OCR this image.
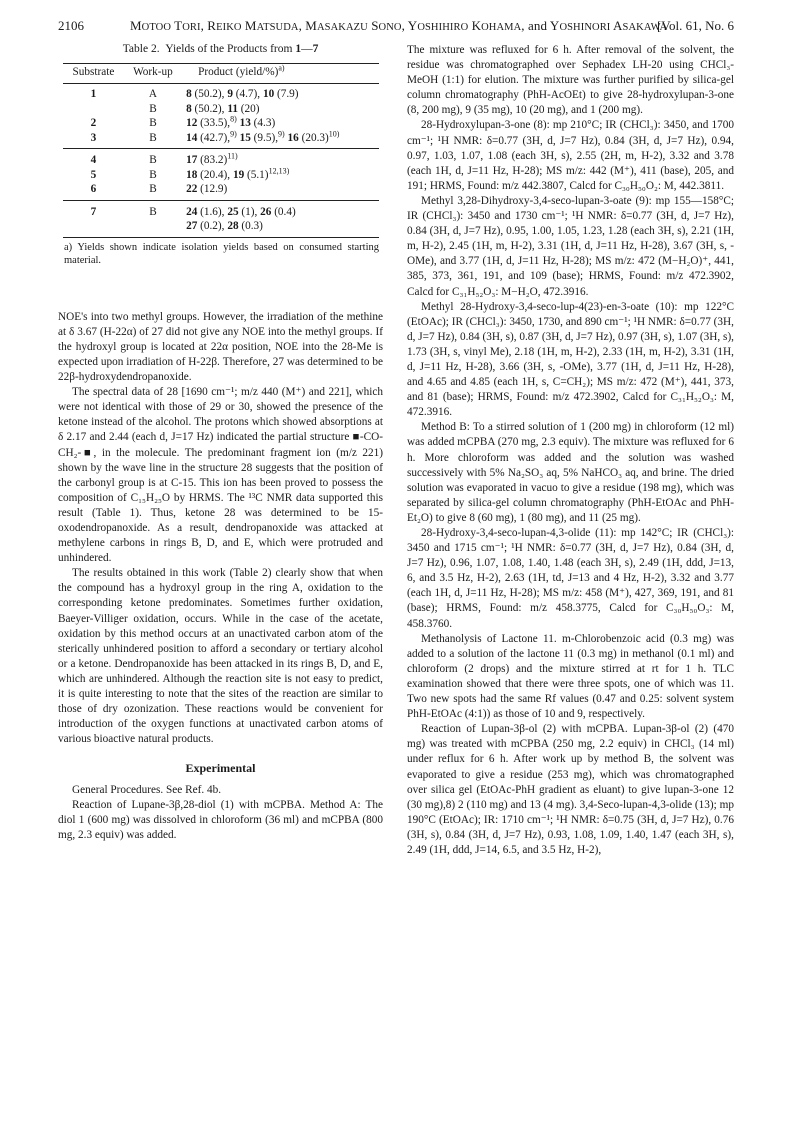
2106	MOTOO TORI, REIKO MATSUDA, MASAKAZU SONO, YOSHIHIRO KOHAMA, and YOSHINORI ASAKAWA
[Vol. 61, No. 6
Table 2.  Yields of the Products from 1—7
Substrate	Work-up	Product (yield/%)$^{a)}$
1	A	8 (50.2), 9 (4.7), 10 (7.9)
	B	8 (50.2), 11 (20)
2	B	12 (33.5),$^{8)}$ 13 (4.3)
3	B	14 (42.7),$^{9)}$ 15 (9.5),$^{9)}$ 16 $(20.3)^{10)}$
4	B	17 $(83.2)^{11)}$
5	B	18 (20.4), 19 $(5.1)^{12,13)}$
6	B	22 (12.9)
7	B	24 (1.6), 25 (1), 26 (0.4)
		27 (0.2), 28 (0.3)
a) Yields shown indicate isolation yields based on consumed starting material.

NOE's into two methyl groups. However, the irradiation of the methine at δ 3.67 (H-22α) of 27 did not give any NOE into the methyl groups. If the hydroxyl group is located at 22α position, NOE into the 28-Me is expected upon irradiation of H-22β. Therefore, 27 was determined to be 22β-hydroxydendropanoxide.

The spectral data of 28 [1690 cm⁻¹; m/z 440 (M⁺) and 221], which were not identical with those of 29 or 30, showed the presence of the ketone instead of the alcohol. The protons which showed absorptions at δ 2.17 and 2.44 (each d, J=17 Hz) indicated the partial structure ■-CO-CH₂-■, in the molecule. The predominant fragment ion (m/z 221) shown by the wave line in the structure 28 suggests that the position of the carbonyl group is at C-15. This ion has been proved to possess the composition of C₁₅H₂₅O by HRMS. The ¹³C NMR data supported this result (Table 1). Thus, ketone 28 was determined to be 15-oxodendropanoxide. As a result, dendropanoxide was attacked at methylene carbons in rings B, D, and E, which were protruded and unhindered.

The results obtained in this work (Table 2) clearly show that when the compound has a hydroxyl group in the ring A, oxidation to the corresponding ketone predominates. Sometimes further oxidation, Baeyer-Villiger oxidation, occurs. While in the case of the acetate, oxidation by this method occurs at an unactivated carbon atom of the sterically unhindered position to afford a secondary or tertiary alcohol or a ketone. Dendropanoxide has been attacked in its rings B, D, and E, which are unhindered. Although the reaction site is not easy to predict, it is quite interesting to note that the sites of the reaction are similar to those of dry ozonization. These reactions would be convenient for introduction of the oxygen functions at unactivated carbon atoms of various bioactive natural products.

Experimental

General Procedures. See Ref. 4b.

Reaction of Lupane-3β,28-diol (1) with mCPBA. Method A: The diol 1 (600 mg) was dissolved in chloroform (36 ml) and mCPBA (800 mg, 2.3 equiv) was added.

The mixture was refluxed for 6 h. After removal of the solvent, the residue was chromatographed over Sephadex LH-20 using CHCl₃-MeOH (1:1) for elution. The mixture was further purified by silica-gel column chromatography (PhH-AcOEt) to give 28-hydroxylupan-3-one (8, 200 mg), 9 (35 mg), 10 (20 mg), and 1 (200 mg).

28-Hydroxylupan-3-one (8): mp 210°C; IR (CHCl₃): 3450, and 1700 cm⁻¹; ¹H NMR: δ=0.77 (3H, d, J=7 Hz), 0.84 (3H, d, J=7 Hz), 0.94, 0.97, 1.03, 1.07, 1.08 (each 3H, s), 2.55 (2H, m, H-2), 3.32 and 3.78 (each 1H, d, J=11 Hz, H-28); MS m/z: 442 (M⁺), 411 (base), 205, and 191; HRMS, Found: m/z 442.3807, Calcd for C₃₀H₅₀O₂: M, 442.3811.

Methyl 3,28-Dihydroxy-3,4-seco-lupan-3-oate (9): mp 155—158°C; IR (CHCl₃): 3450 and 1730 cm⁻¹; ¹H NMR: δ=0.77 (3H, d, J=7 Hz), 0.84 (3H, d, J=7 Hz), 0.95, 1.00, 1.05, 1.23, 1.28 (each 3H, s), 2.21 (1H, m, H-2), 2.45 (1H, m, H-2), 3.31 (1H, d, J=11 Hz, H-28), 3.67 (3H, s, -OMe), and 3.77 (1H, d, J=11 Hz, H-28); MS m/z: 472 (M−H₂O)⁺, 441, 385, 373, 361, 191, and 109 (base); HRMS, Found: m/z 472.3902, Calcd for C₃₁H₅₂O₃: M−H₂O, 472.3916.

Methyl 28-Hydroxy-3,4-seco-lup-4(23)-en-3-oate (10): mp 122°C (EtOAc); IR (CHCl₃): 3450, 1730, and 890 cm⁻¹; ¹H NMR: δ=0.77 (3H, d, J=7 Hz), 0.84 (3H, s), 0.87 (3H, d, J=7 Hz), 0.97 (3H, s), 1.07 (3H, s), 1.73 (3H, s, vinyl Me), 2.18 (1H, m, H-2), 2.33 (1H, m, H-2), 3.31 (1H, d, J=11 Hz, H-28), 3.66 (3H, s, -OMe), 3.77 (1H, d, J=11 Hz, H-28), and 4.65 and 4.85 (each 1H, s, C=CH₂); MS m/z: 472 (M⁺), 441, 373, and 81 (base); HRMS, Found: m/z 472.3902, Calcd for C₃₁H₅₂O₃: M, 472.3916.

Method B: To a stirred solution of 1 (200 mg) in chloroform (12 ml) was added mCPBA (270 mg, 2.3 equiv). The mixture was refluxed for 6 h. More chloroform was added and the solution was washed successively with 5% Na₂SO₃ aq, 5% NaHCO₃ aq, and brine. The dried solution was evaporated in vacuo to give a residue (198 mg), which was separated by silica-gel column chromatography (PhH-EtOAc and PhH-Et₂O) to give 8 (60 mg), 1 (80 mg), and 11 (25 mg).

28-Hydroxy-3,4-seco-lupan-4,3-olide (11): mp 142°C; IR (CHCl₃): 3450 and 1715 cm⁻¹; ¹H NMR: δ=0.77 (3H, d, J=7 Hz), 0.84 (3H, d, J=7 Hz), 0.96, 1.07, 1.08, 1.40, 1.48 (each 3H, s), 2.49 (1H, ddd, J=13, 6, and 3.5 Hz, H-2), 2.63 (1H, td, J=13 and 4 Hz, H-2), 3.32 and 3.77 (each 1H, d, J=11 Hz, H-28); MS m/z: 458 (M⁺), 427, 369, 191, and 81 (base); HRMS, Found: m/z 458.3775, Calcd for C₃₀H₅₀O₃: M, 458.3760.

Methanolysis of Lactone 11. m-Chlorobenzoic acid (0.3 mg) was added to a solution of the lactone 11 (0.3 mg) in methanol (0.1 ml) and chloroform (2 drops) and the mixture stirred at rt for 1 h. TLC examination showed that there were three spots, one of which was 11. Two new spots had the same Rf values (0.47 and 0.25: solvent system PhH-EtOAc (4:1)) as those of 10 and 9, respectively.

Reaction of Lupan-3β-ol (2) with mCPBA. Lupan-3β-ol (2) (470 mg) was treated with mCPBA (250 mg, 2.2 equiv) in CHCl₃ (14 ml) under reflux for 6 h. After work up by method B, the solvent was evaporated to give a residue (253 mg), which was chromatographed over silica gel (EtOAc-PhH gradient as eluant) to give lupan-3-one 12 (30 mg),8) 2 (110 mg) and 13 (4 mg). 3,4-Seco-lupan-4,3-olide (13); mp 190°C (EtOAc); IR: 1710 cm⁻¹; ¹H NMR: δ=0.75 (3H, d, J=7 Hz), 0.76 (3H, s), 0.84 (3H, d, J=7 Hz), 0.93, 1.08, 1.09, 1.40, 1.47 (each 3H, s), 2.49 (1H, ddd, J=14, 6.5, and 3.5 Hz, H-2),
